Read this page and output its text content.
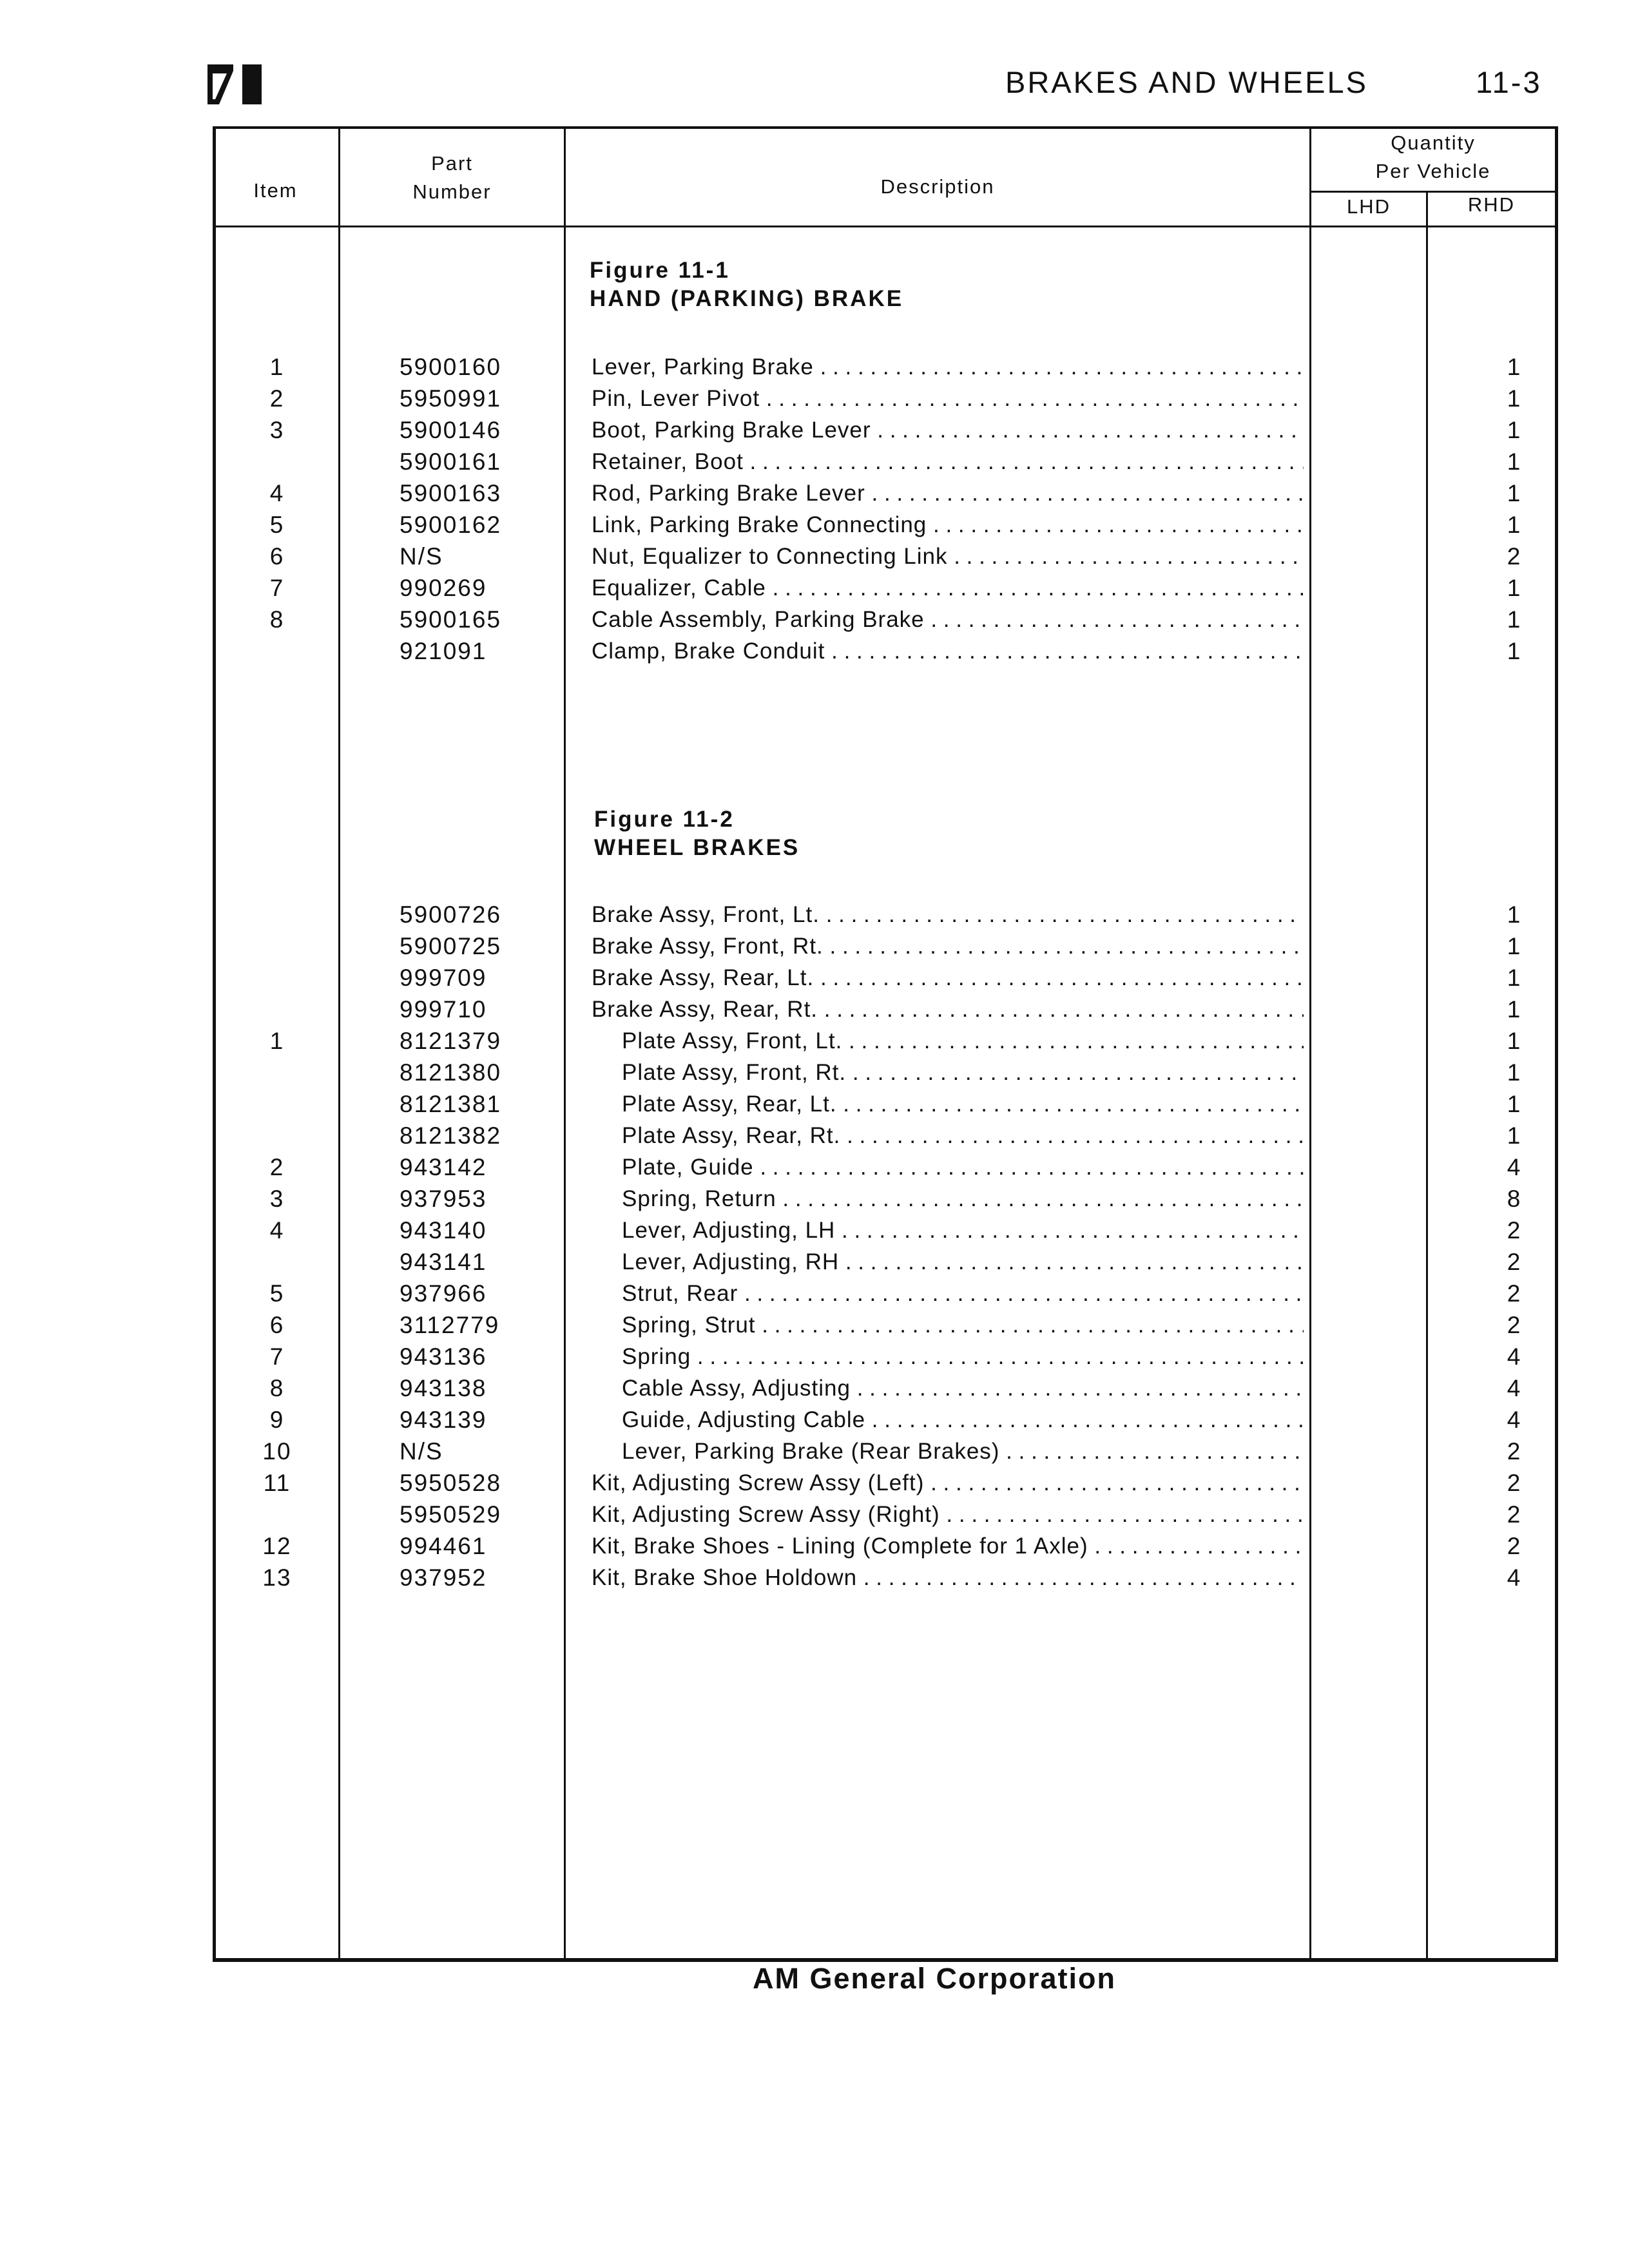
BRAKES AND WHEELS	11-3
Item
Part
Number	Description
Quantity
Per Vehicle
LHD	RHD
Figure 11-1
HAND (PARKING) BRAKE
1	5900160	Lever, Parking Brake . . .	1
2	5950991	Pin, Lever Pivot . . .	1
3	5900146	Boot, Parking Brake Lever . . .	1
5900161	Retainer, Boot . . .	1
4	5900163	Rod, Parking Brake Lever . . .	1
5	5900162	Link, Parking Brake Connecting . . .	1
6	N/S	Nut, Equalizer to Connecting Link . . .	2
7	990269	Equalizer, Cable . . .	1
8	5900165	Cable Assembly, Parking Brake . . .	1
921091	Clamp, Brake Conduit . . .	1
Figure 11-2
WHEEL BRAKES
5900726	Brake Assy, Front, Lt. . . .	1
5900725	Brake Assy, Front, Rt. . . .	1
999709	Brake Assy, Rear, Lt. . . .	1
999710	Brake Assy, Rear, Rt. . . .	1
1	8121379	Plate Assy, Front, Lt. . . .	1
8121380	Plate Assy, Front, Rt. . . .	1
8121381	Plate Assy, Rear, Lt. . . .	1
8121382	Plate Assy, Rear, Rt. . . .	1
2	943142	Plate, Guide . . .	4
3	937953	Spring, Return . . .	8
4	943140	Lever, Adjusting, LH . . .	2
943141	Lever, Adjusting, RH . . .	2
5	937966	Strut, Rear . . .	2
6	3112779	Spring, Strut . . .	2
7	943136	Spring . . .	4
8	943138	Cable Assy, Adjusting . . .	4
9	943139	Guide, Adjusting Cable . . .	4
10	N/S	Lever, Parking Brake (Rear Brakes) . . .	2
11	5950528	Kit, Adjusting Screw Assy (Left) . . .	2
5950529	Kit, Adjusting Screw Assy (Right) . . .	2
12	994461	Kit, Brake Shoes - Lining (Complete for 1 Axle) . . .	2
13	937952	Kit, Brake Shoe Holdown . . .	4
AM General Corporation
